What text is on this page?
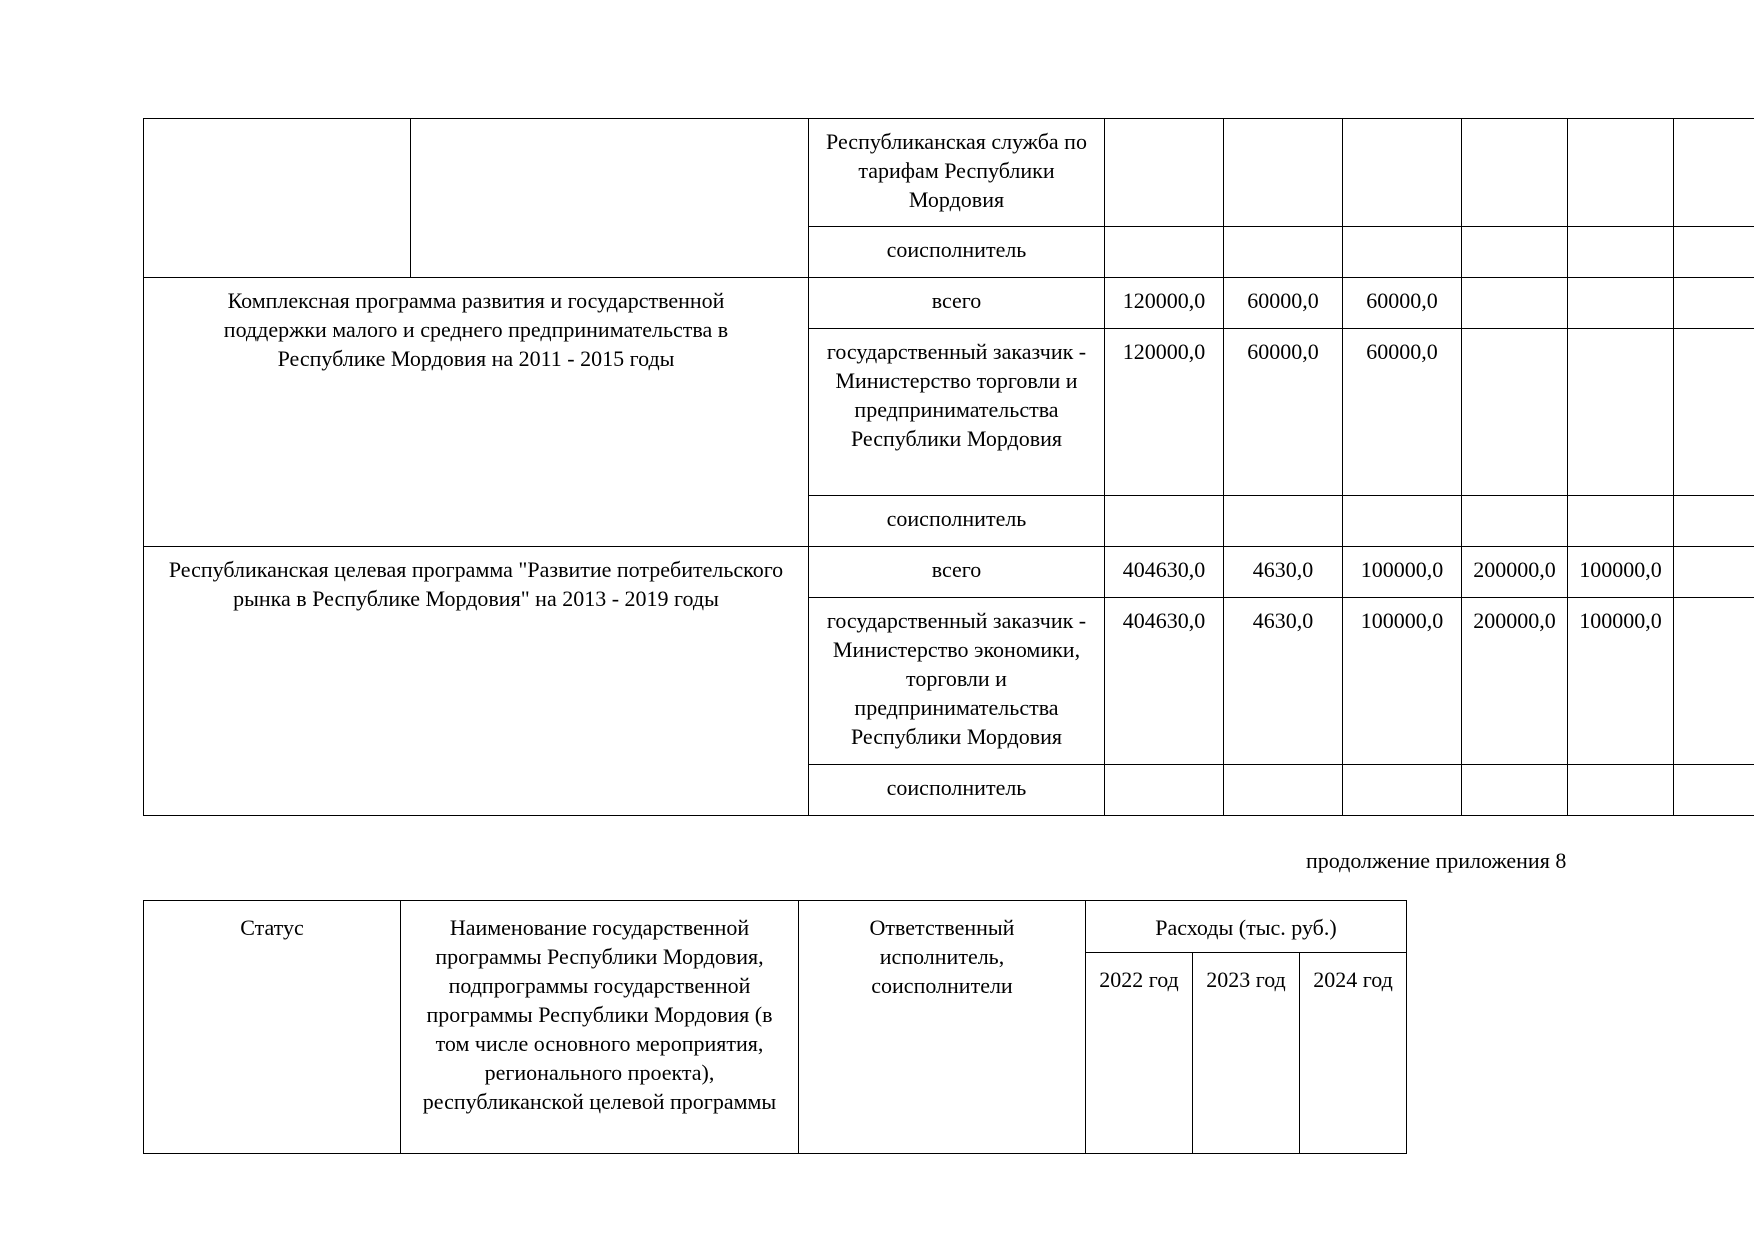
		Республиканская служба по тарифам Республики Мордовия						
		соисполнитель						
Комплексная программа развития и государственной поддержки малого и среднего предпринимательства в Республике Мордовия на 2011 - 2015 годы		всего	120000,0	60000,0	60000,0			
		государственный заказчик - Министерство торговли и предпринимательства Республики Мордовия	120000,0	60000,0	60000,0			
		соисполнитель						
Республиканская целевая программа "Развитие потребительского рынка в Республике Мордовия" на 2013 - 2019 годы		всего	404630,0	4630,0	100000,0	200000,0	100000,0	
		государственный заказчик - Министерство экономики, торговли и предпринимательства Республики Мордовия	404630,0	4630,0	100000,0	200000,0	100000,0	
		соисполнитель						
продолжение приложения 8
Статус	Наименование государственной программы Республики Мордовия, подпрограммы государственной программы Республики Мордовия (в том числе основного мероприятия, регионального проекта), республиканской целевой программы	Ответственный исполнитель, соисполнители	Расходы (тыс. руб.)		
			2022 год	2023 год	2024 год
